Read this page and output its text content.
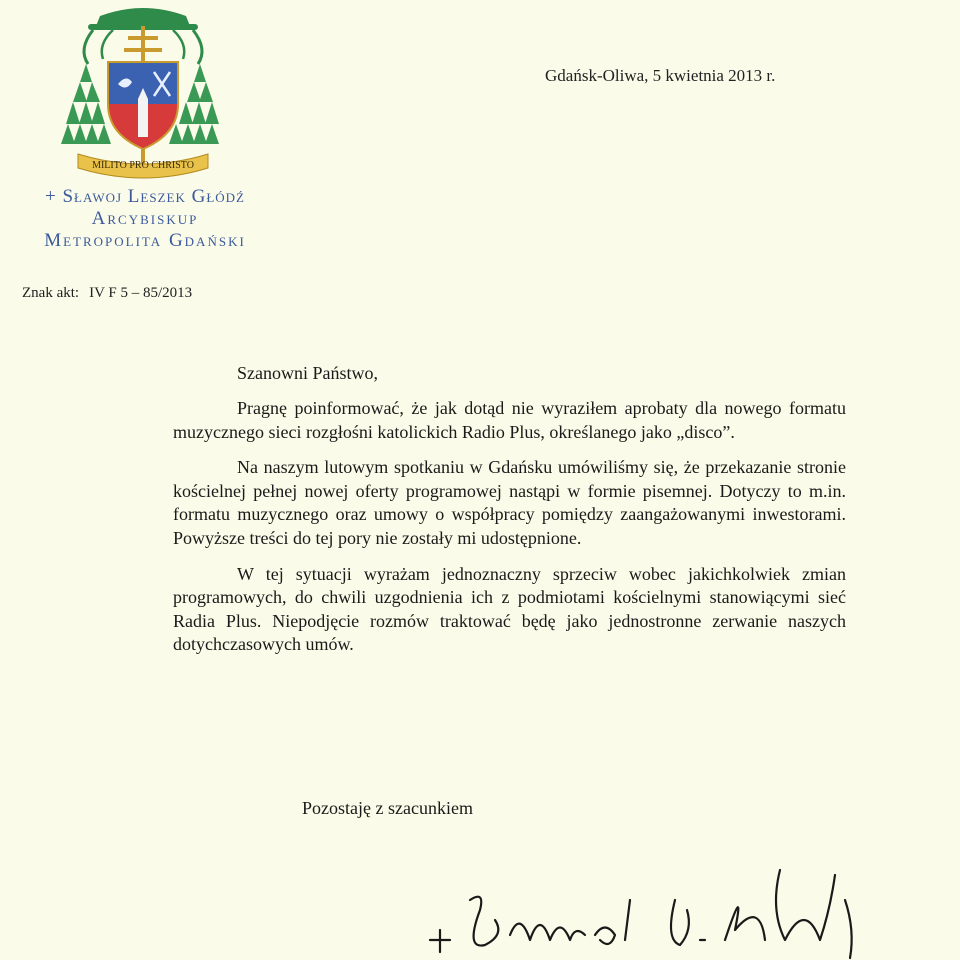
MILITO PRO CHRISTO
+ Sławoj Leszek Głódź
Arcybiskup
Metropolita Gdański
Znak akt: IV F 5 – 85/2013
Gdańsk-Oliwa, 5 kwietnia 2013 r.
Szanowni Państwo,

Pragnę poinformować, że jak dotąd nie wyraziłem aprobaty dla nowego formatu muzycznego sieci rozgłośni katolickich Radio Plus, określanego jako „disco”.

Na naszym lutowym spotkaniu w Gdańsku umówiliśmy się, że przekazanie stronie kościelnej pełnej nowej oferty programowej nastąpi w formie pisemnej. Dotyczy to m.in. formatu muzycznego oraz umowy o współpracy pomiędzy zaangażowanymi inwestorami. Powyższe treści do tej pory nie zostały mi udostępnione.

W tej sytuacji wyrażam jednoznaczny sprzeciw wobec jakichkolwiek zmian programowych, do chwili uzgodnienia ich z podmiotami kościelnymi stanowiącymi sieć Radia Plus. Niepodjęcie rozmów traktować będę jako jednostronne zerwanie naszych dotychczasowych umów.

Pozostaję z szacunkiem
